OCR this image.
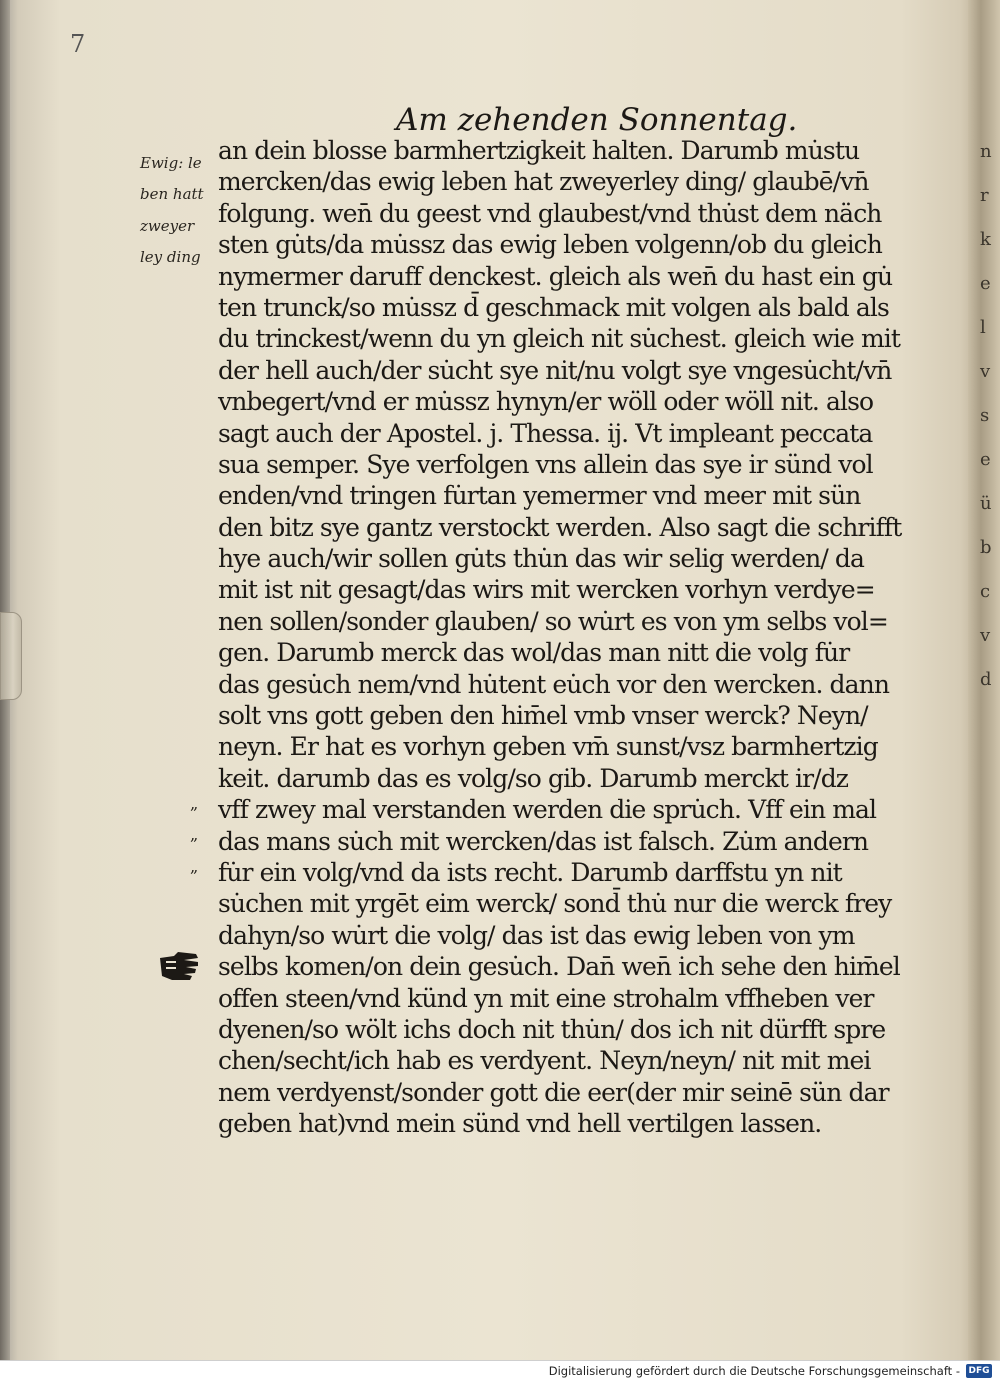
7
Am zehenden Sonnentag.
Ewig: le
ben hatt
zweyer
ley ding
„
„
„
an dein blosse barmhertzigkeit halten. Darumb mu̇stu
mercken/das ewig leben hat zweyerley ding/ glaubē/vn̄
folgung. wen̄ du geest vnd glaubest/vnd thu̇st dem näch
sten gu̇ts/da mu̇ssz das ewig leben volgenn/ob du gleich
nymermer daruff denckest. gleich als wen̄ du hast ein gu̇
ten trunck/so mu̇ssz d̄ geschmack mit volgen als bald als
du trinckest/wenn du yn gleich nit su̇chest. gleich wie mit
der hell auch/der su̇cht sye nit/nu volgt sye vngesu̇cht/vn̄
vnbegert/vnd er mu̇ssz hynyn/er wöll oder wöll nit. also
sagt auch der Apostel. j. Thessa. ij. Vt impleant peccata
sua semper. Sye verfolgen vns allein das sye ir sünd vol
enden/vnd tringen fu̇rtan yemermer vnd meer mit sün
den bitz sye gantz verstockt werden. Also sagt die schrifft
hye auch/wir sollen gu̇ts thu̇n das wir selig werden/ da
mit ist nit gesagt/das wirs mit wercken vorhyn verdye=
nen sollen/sonder glauben/ so wu̇rt es von ym selbs vol=
gen. Darumb merck das wol/das man nitt die volg fu̇r
das gesu̇ch nem/vnd hu̇tent eu̇ch vor den wercken. dann
solt vns gott geben den him̄el vmb vnser werck? Neyn/
neyn. Er hat es vorhyn geben vm̄ sunst/vsz barmhertzig
keit. darumb das es volg/so gib. Darumb merckt ir/dz
vff zwey mal verstanden werden die spru̇ch. Vff ein mal
das mans su̇ch mit wercken/das ist falsch. Zu̇m andern
fu̇r ein volg/vnd da ists recht. Darumb darffstu yn nit
su̇chen mit yrgēt eim werck/ sond̄ thu̇ nur die werck frey
dahyn/so wu̇rt die volg/ das ist das ewig leben von ym
selbs komen/on dein gesu̇ch. Dan̄ wen̄ ich sehe den him̄el
offen steen/vnd künd yn mit eine strohalm vffheben ver
dyenen/so wölt ichs doch nit thu̇n/ dos ich nit dürfft spre
chen/secht/ich hab es verdyent. Neyn/neyn/ nit mit mei
nem verdyenst/sonder gott die eer(der mir seinē sün dar
geben hat)vnd mein sünd vnd hell vertilgen lassen.
n
r
k
e
l
v
s
e
ü
b
c
v
d
Digitalisierung gefördert durch die Deutsche Forschungsgemeinschaft - DFG
